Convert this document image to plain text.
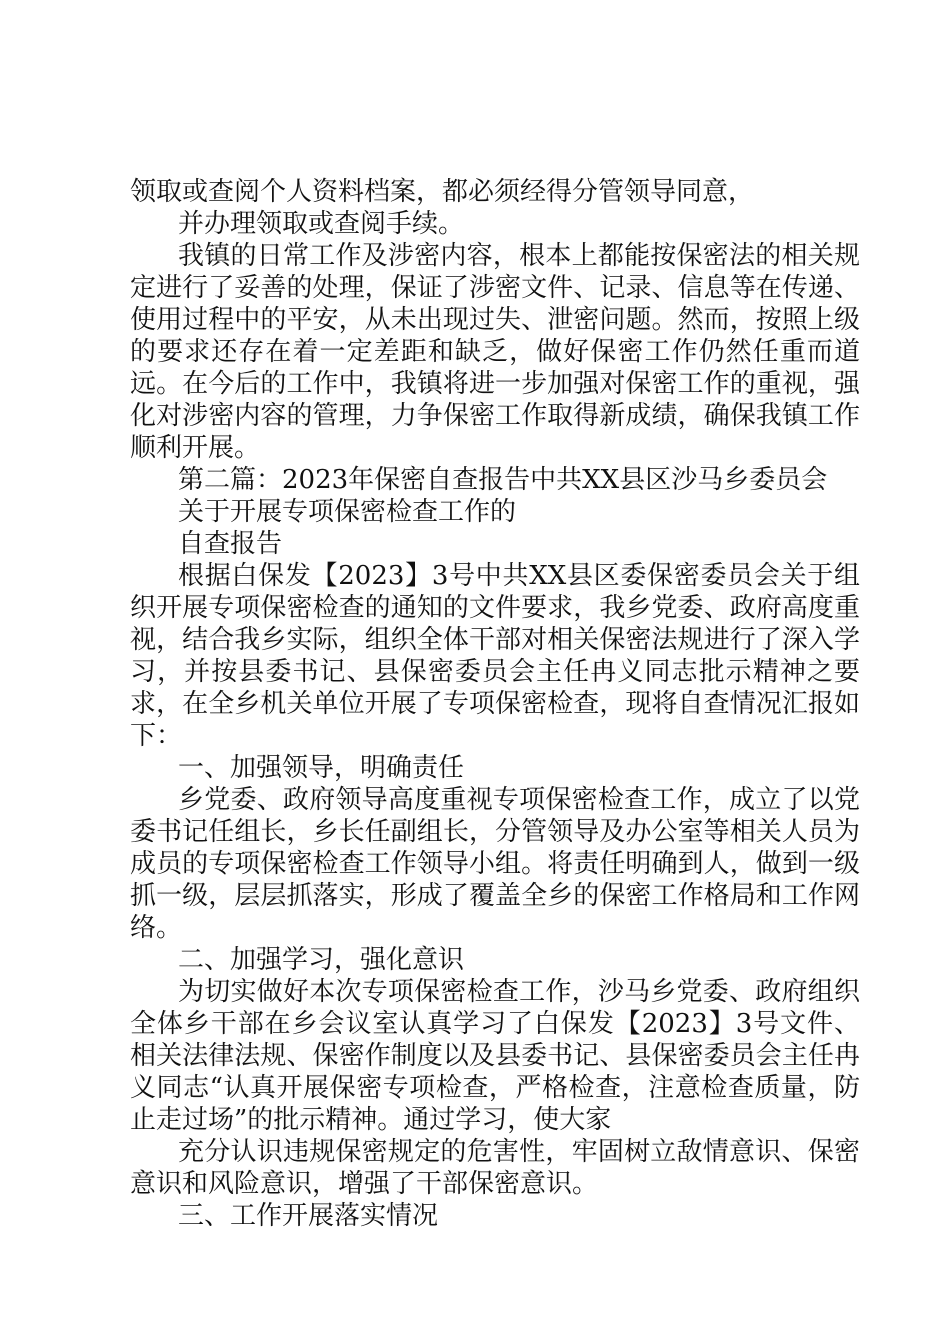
领取或查阅个人资料档案，都必须经得分管领导同意，
并办理领取或查阅手续。
我镇的日常工作及涉密内容，根本上都能按保密法的相关规定进行了妥善的处理，保证了涉密文件、记录、信息等在传递、使用过程中的平安，从未出现过失、泄密问题。然而，按照上级的要求还存在着一定差距和缺乏，做好保密工作仍然任重而道远。在今后的工作中，我镇将进一步加强对保密工作的重视，强化对涉密内容的管理，力争保密工作取得新成绩，确保我镇工作顺利开展。
第二篇：2023年保密自查报告中共XX县区沙马乡委员会
关于开展专项保密检查工作的
自查报告
根据白保发【2023】3号中共XX县区委保密委员会关于组织开展专项保密检查的通知的文件要求，我乡党委、政府高度重视，结合我乡实际，组织全体干部对相关保密法规进行了深入学习，并按县委书记、县保密委员会主任冉义同志批示精神之要求，在全乡机关单位开展了专项保密检查，现将自查情况汇报如下：
一、加强领导，明确责任
乡党委、政府领导高度重视专项保密检查工作，成立了以党委书记任组长，乡长任副组长，分管领导及办公室等相关人员为成员的专项保密检查工作领导小组。将责任明确到人，做到一级抓一级，层层抓落实，形成了覆盖全乡的保密工作格局和工作网络。
二、加强学习，强化意识
为切实做好本次专项保密检查工作，沙马乡党委、政府组织全体乡干部在乡会议室认真学习了白保发【2023】3号文件、相关法律法规、保密作制度以及县委书记、县保密委员会主任冉义同志“认真开展保密专项检查，严格检查，注意检查质量，防止走过场”的批示精神。通过学习，使大家
充分认识违规保密规定的危害性，牢固树立敌情意识、保密意识和风险意识，增强了干部保密意识。
三、工作开展落实情况
